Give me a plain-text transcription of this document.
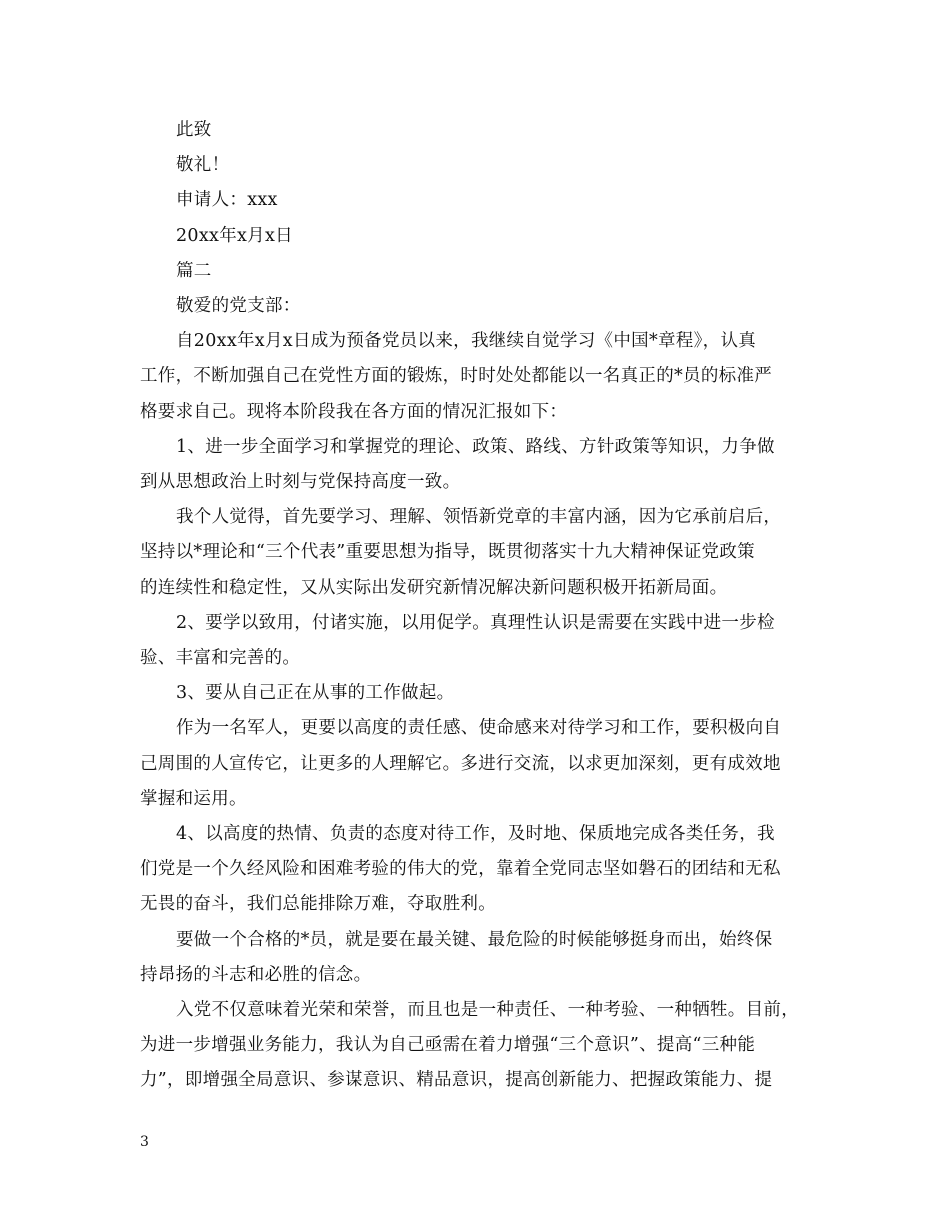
此致
敬礼！
申请人：xxx
20xx年x月x日
篇二
敬爱的党支部：
自20xx年x月x日成为预备党员以来，我继续自觉学习《中国*章程》，认真
工作，不断加强自己在党性方面的锻炼，时时处处都能以一名真正的*员的标准严
格要求自己。现将本阶段我在各方面的情况汇报如下：
1、进一步全面学习和掌握党的理论、政策、路线、方针政策等知识，力争做
到从思想政治上时刻与党保持高度一致。
我个人觉得，首先要学习、理解、领悟新党章的丰富内涵，因为它承前启后，
坚持以*理论和“三个代表”重要思想为指导，既贯彻落实十九大精神保证党政策
的连续性和稳定性，又从实际出发研究新情况解决新问题积极开拓新局面。
2、要学以致用，付诸实施，以用促学。真理性认识是需要在实践中进一步检
验、丰富和完善的。
3、要从自己正在从事的工作做起。
作为一名军人，更要以高度的责任感、使命感来对待学习和工作，要积极向自
己周围的人宣传它，让更多的人理解它。多进行交流，以求更加深刻，更有成效地
掌握和运用。
4、以高度的热情、负责的态度对待工作，及时地、保质地完成各类任务，我
们党是一个久经风险和困难考验的伟大的党，靠着全党同志坚如磐石的团结和无私
无畏的奋斗，我们总能排除万难，夺取胜利。
要做一个合格的*员，就是要在最关键、最危险的时候能够挺身而出，始终保
持昂扬的斗志和必胜的信念。
入党不仅意味着光荣和荣誉，而且也是一种责任、一种考验、一种牺牲。目前，
为进一步增强业务能力，我认为自己亟需在着力增强“三个意识”、提高“三种能
力”，即增强全局意识、参谋意识、精品意识，提高创新能力、把握政策能力、提
3
